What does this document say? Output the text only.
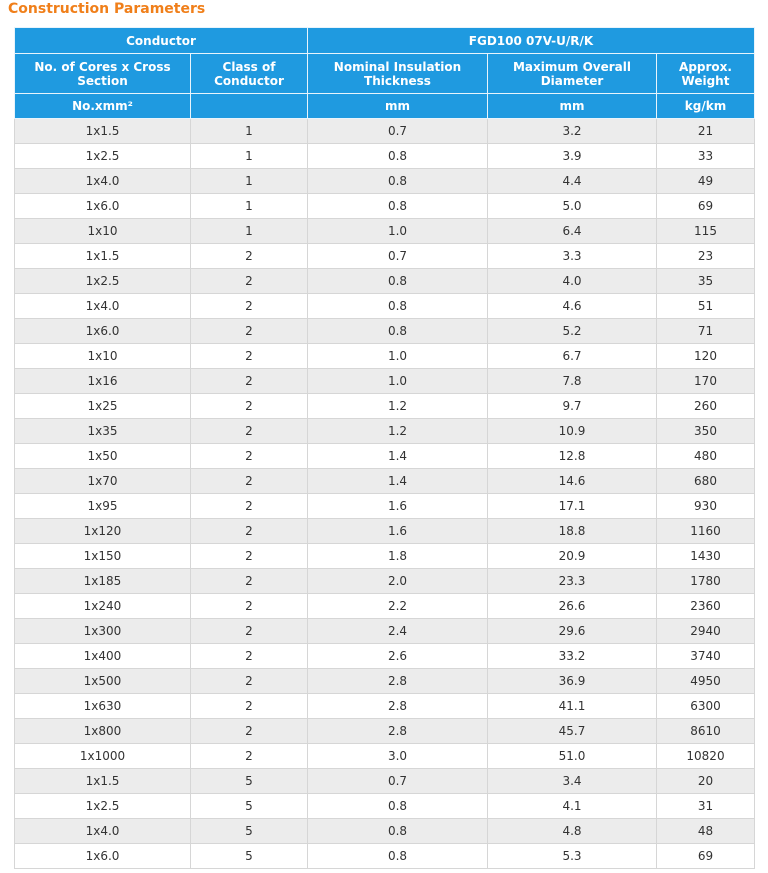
Construction Parameters
Conductor		FGD100 07V-U/R/K		
No. of Cores x Cross Section	Class of Conductor	Nominal Insulation Thickness	Maximum Overall Diameter	Approx. Weight
No.xmm²		mm	mm	kg/km
1x1.5	1	0.7	3.2	21
1x2.5	1	0.8	3.9	33
1x4.0	1	0.8	4.4	49
1x6.0	1	0.8	5.0	69
1x10	1	1.0	6.4	115
1x1.5	2	0.7	3.3	23
1x2.5	2	0.8	4.0	35
1x4.0	2	0.8	4.6	51
1x6.0	2	0.8	5.2	71
1x10	2	1.0	6.7	120
1x16	2	1.0	7.8	170
1x25	2	1.2	9.7	260
1x35	2	1.2	10.9	350
1x50	2	1.4	12.8	480
1x70	2	1.4	14.6	680
1x95	2	1.6	17.1	930
1x120	2	1.6	18.8	1160
1x150	2	1.8	20.9	1430
1x185	2	2.0	23.3	1780
1x240	2	2.2	26.6	2360
1x300	2	2.4	29.6	2940
1x400	2	2.6	33.2	3740
1x500	2	2.8	36.9	4950
1x630	2	2.8	41.1	6300
1x800	2	2.8	45.7	8610
1x1000	2	3.0	51.0	10820
1x1.5	5	0.7	3.4	20
1x2.5	5	0.8	4.1	31
1x4.0	5	0.8	4.8	48
1x6.0	5	0.8	5.3	69
